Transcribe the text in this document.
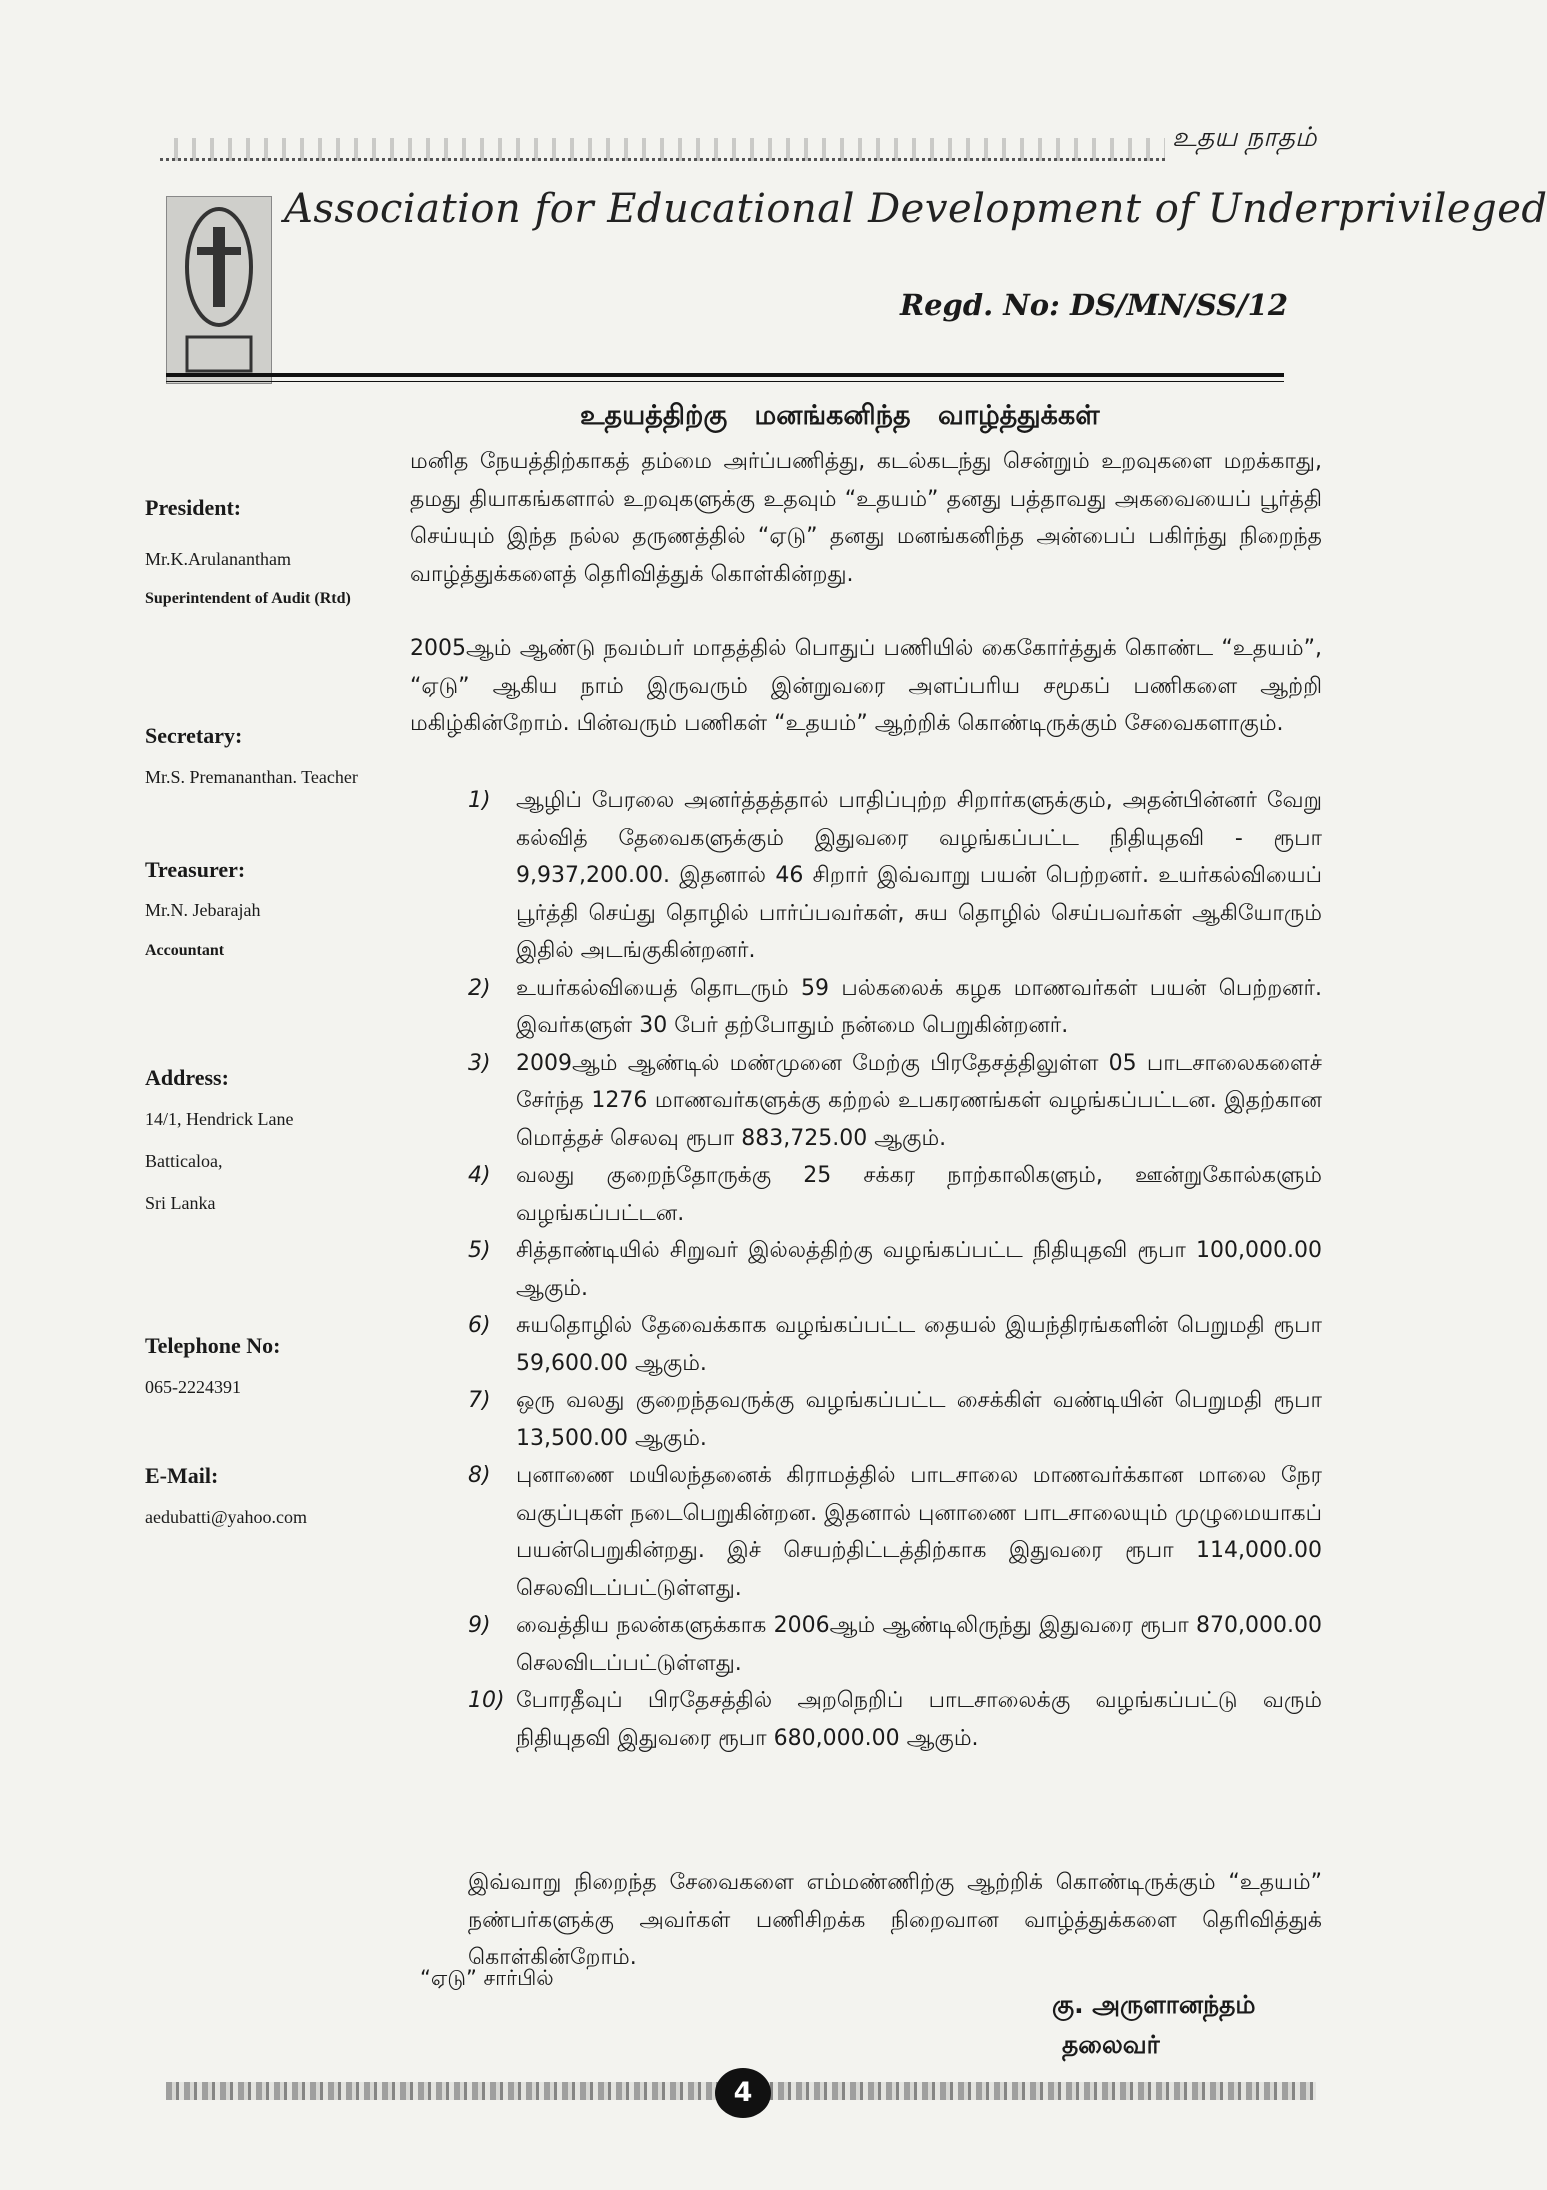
உதய நாதம்
Association for Educational Development of Underprivileged
Regd. No: DS/MN/SS/12
உதயத்திற்கு மனங்கனிந்த வாழ்த்துக்கள்
President:
Mr.K.Arulanantham
Superintendent of Audit (Rtd)
Secretary:
Mr.S. Premananthan. Teacher
Treasurer:
Mr.N. Jebarajah
Accountant
Address:
14/1, Hendrick Lane
Batticaloa,
Sri Lanka
Telephone No:
065-2224391
E-Mail:
aedubatti@yahoo.com
மனித நேயத்திற்காகத் தம்மை அர்ப்பணித்து, கடல்கடந்து சென்றும் உறவுகளை மறக்காது, தமது தியாகங்களால் உறவுகளுக்கு உதவும் “உதயம்” தனது பத்தாவது அகவையைப் பூர்த்தி செய்யும் இந்த நல்ல தருணத்தில் “ஏடு” தனது மனங்கனிந்த அன்பைப் பகிர்ந்து நிறைந்த வாழ்த்துக்களைத் தெரிவித்துக் கொள்கின்றது.
2005ஆம் ஆண்டு நவம்பர் மாதத்தில் பொதுப் பணியில் கைகோர்த்துக் கொண்ட “உதயம்”, “ஏடு” ஆகிய நாம் இருவரும் இன்றுவரை அளப்பரிய சமூகப் பணிகளை ஆற்றி மகிழ்கின்றோம். பின்வரும் பணிகள் “உதயம்” ஆற்றிக் கொண்டிருக்கும் சேவைகளாகும்.
1)	ஆழிப் பேரலை அனர்த்தத்தால் பாதிப்புற்ற சிறார்களுக்கும், அதன்பின்னர் வேறு கல்வித் தேவைகளுக்கும் இதுவரை வழங்கப்பட்ட நிதியுதவி - ரூபா 9,937,200.00. இதனால் 46 சிறார் இவ்வாறு பயன் பெற்றனர். உயர்கல்வியைப் பூர்த்தி செய்து தொழில் பார்ப்பவர்கள், சுய தொழில் செய்பவர்கள் ஆகியோரும் இதில் அடங்குகின்றனர்.
2)	உயர்கல்வியைத் தொடரும் 59 பல்கலைக் கழக மாணவர்கள் பயன் பெற்றனர். இவர்களுள் 30 பேர் தற்போதும் நன்மை பெறுகின்றனர்.
3)	2009ஆம் ஆண்டில் மண்முனை மேற்கு பிரதேசத்திலுள்ள 05 பாடசாலைகளைச் சேர்ந்த 1276 மாணவர்களுக்கு கற்றல் உபகரணங்கள் வழங்கப்பட்டன. இதற்கான மொத்தச் செலவு ரூபா 883,725.00 ஆகும்.
4)	வலது குறைந்தோருக்கு 25 சக்கர நாற்காலிகளும், ஊன்றுகோல்களும் வழங்கப்பட்டன.
5)	சித்தாண்டியில் சிறுவர் இல்லத்திற்கு வழங்கப்பட்ட நிதியுதவி ரூபா 100,000.00 ஆகும்.
6)	சுயதொழில் தேவைக்காக வழங்கப்பட்ட தையல் இயந்திரங்களின் பெறுமதி ரூபா 59,600.00 ஆகும்.
7)	ஒரு வலது குறைந்தவருக்கு வழங்கப்பட்ட சைக்கிள் வண்டியின் பெறுமதி ரூபா 13,500.00 ஆகும்.
8)	புனாணை மயிலந்தனைக் கிராமத்தில் பாடசாலை மாணவர்க்கான மாலை நேர வகுப்புகள் நடைபெறுகின்றன. இதனால் புனாணை பாடசாலையும் முழுமையாகப் பயன்பெறுகின்றது. இச் செயற்திட்டத்திற்காக இதுவரை ரூபா 114,000.00 செலவிடப்பட்டுள்ளது.
9)	வைத்திய நலன்களுக்காக 2006ஆம் ஆண்டிலிருந்து இதுவரை ரூபா 870,000.00 செலவிடப்பட்டுள்ளது.
10) போரதீவுப் பிரதேசத்தில் அறநெறிப் பாடசாலைக்கு வழங்கப்பட்டு வரும் நிதியுதவி இதுவரை ரூபா 680,000.00 ஆகும்.
இவ்வாறு நிறைந்த சேவைகளை எம்மண்ணிற்கு ஆற்றிக் கொண்டிருக்கும் “உதயம்” நண்பர்களுக்கு அவர்கள் பணிசிறக்க நிறைவான வாழ்த்துக்களை தெரிவித்துக் கொள்கின்றோம்.
“ஏடு” சார்பில்
கு. அருளானந்தம்
தலைவர்
4
